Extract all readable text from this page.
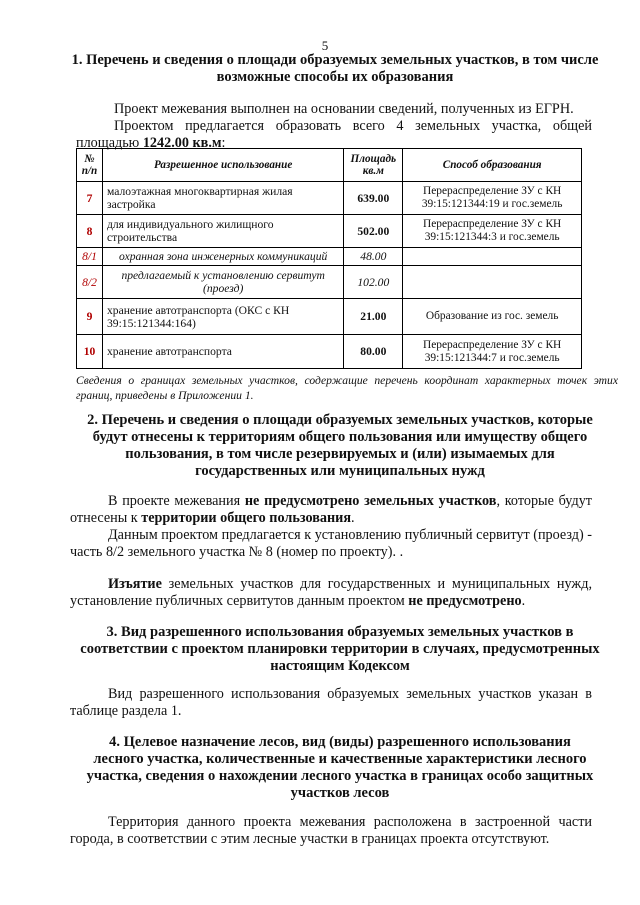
5
1. Перечень и сведения о площади образуемых земельных участков, в том числе
возможные способы их образования
Проект межевания выполнен на основании сведений, полученных из ЕГРН.
Проектом предлагается образовать всего 4 земельных участка, общей площадью 1242.00 кв.м:
№ п/п	Разрешенное использование	Площадь кв.м	Способ образования
7	малоэтажная многоквартирная жилая застройка	639.00	Перераспределение ЗУ с КН 39:15:121344:19 и гос.земель
8	для индивидуального жилищного строительства	502.00	Перераспределение ЗУ с КН 39:15:121344:3 и гос.земель
8/1	охранная зона инженерных коммуникаций	48.00	
8/2	предлагаемый к установлению сервитут (проезд)	102.00	
9	хранение автотранспорта (ОКС с КН 39:15:121344:164)	21.00	Образование из гос. земель
10	хранение автотранспорта	80.00	Перераспределение ЗУ с КН 39:15:121344:7 и гос.земель
Сведения о границах земельных участков, содержащие перечень координат характерных точек этих границ, приведены в Приложении 1.
2. Перечень и сведения о площади образуемых земельных участков, которые
будут отнесены к территориям общего пользования или имуществу общего
пользования, в том числе резервируемых и (или) изымаемых для
государственных или муниципальных нужд
В проекте межевания не предусмотрено земельных участков, которые будут отнесены к территории общего пользования.
Данным проектом предлагается к установлению публичный сервитут (проезд) - часть 8/2 земельного участка № 8 (номер по проекту). .
Изъятие земельных участков для государственных и муниципальных нужд, установление публичных сервитутов данным проектом не предусмотрено.
3. Вид разрешенного использования образуемых земельных участков в
соответствии с проектом планировки территории в случаях, предусмотренных
настоящим Кодексом
Вид разрешенного использования образуемых земельных участков указан в таблице раздела 1.
4. Целевое назначение лесов, вид (виды) разрешенного использования
лесного участка, количественные и качественные характеристики лесного
участка, сведения о нахождении лесного участка в границах особо защитных
участков лесов
Территория данного проекта межевания расположена в застроенной части города, в соответствии с этим лесные участки в границах проекта отсутствуют.
